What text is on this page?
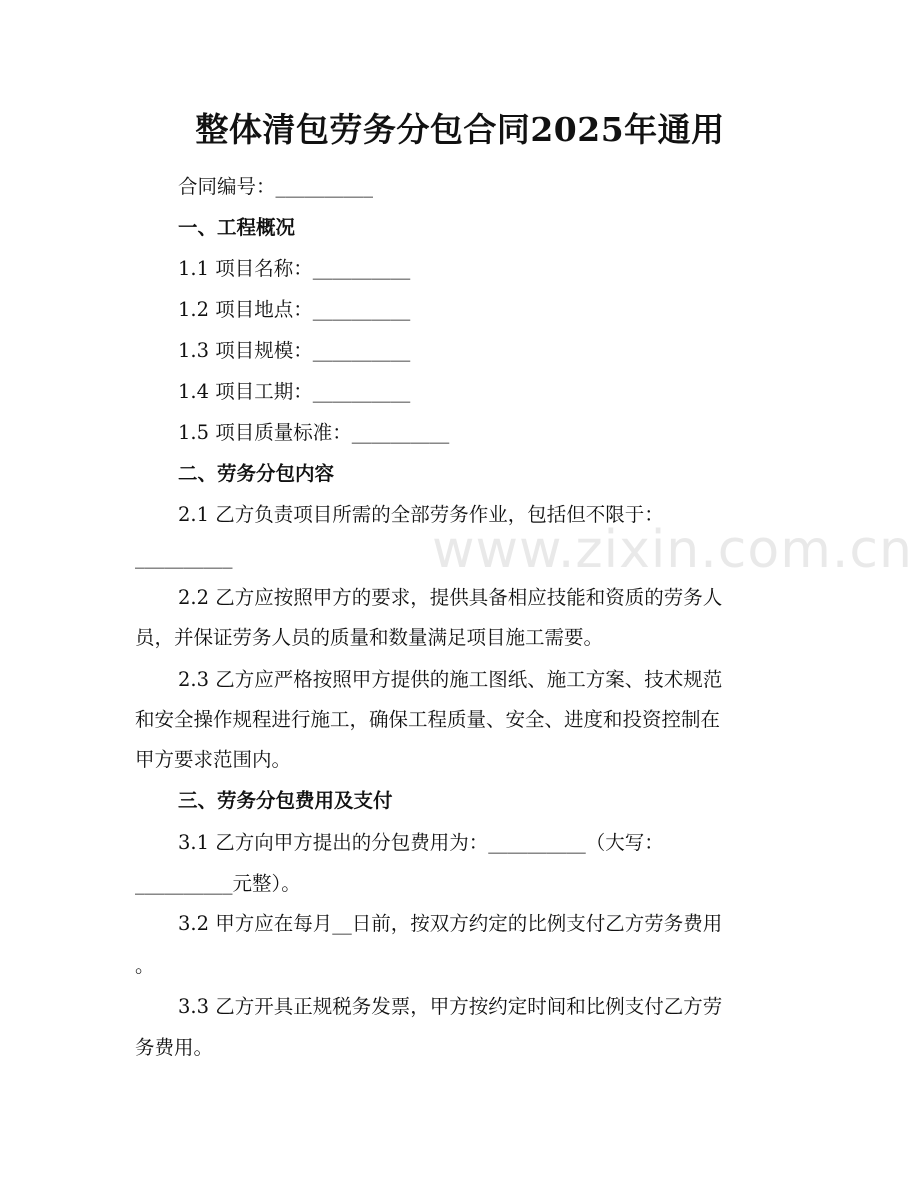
www.zixin.com.cn
整体清包劳务分包合同2025年通用

合同编号：__________

一、工程概况

1.1 项目名称：__________

1.2 项目地点：__________

1.3 项目规模：__________

1.4 项目工期：__________

1.5 项目质量标准：__________

二、劳务分包内容

2.1 乙方负责项目所需的全部劳务作业，包括但不限于：

__________

2.2 乙方应按照甲方的要求，提供具备相应技能和资质的劳务人

员，并保证劳务人员的质量和数量满足项目施工需要。

2.3 乙方应严格按照甲方提供的施工图纸、施工方案、技术规范

和安全操作规程进行施工，确保工程质量、安全、进度和投资控制在

甲方要求范围内。

三、劳务分包费用及支付

3.1 乙方向甲方提出的分包费用为：__________（大写：

__________元整）。

3.2 甲方应在每月__日前，按双方约定的比例支付乙方劳务费用

。

3.3 乙方开具正规税务发票，甲方按约定时间和比例支付乙方劳

务费用。
